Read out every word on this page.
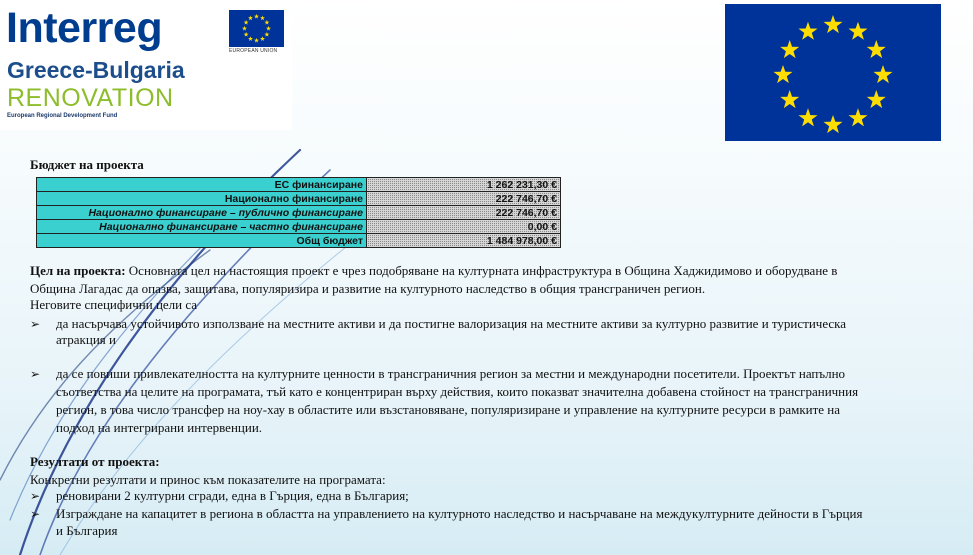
Interreg	EUROPEAN UNION
Greece-Bulgaria
RENOVATION
European Regional Development Fund
Бюджет на проекта
ЕС финансиране	1 262 231,30 €
Национално финансиране	222 746,70 €
Национално финансиране – публично финансиране	222 746,70 €
Национално финансиране – частно финансиране	0,00 €
Общ бюджет	1 484 978,00 €
Цел на проекта: Основната цел на настоящия проект е чрез подобряване на културната инфраструктура в Община Хаджидимово и оборудване в
Община Лагадас да опазва, защитава, популяризира и развитие на културното наследство в общия трансграничен регион.
Неговите специфични цели са
➢ да насърчава устойчивото използване на местните активи и да постигне валоризация на местните активи за културно развитие и туристическа
атракция и
➢ да се повиши привлекателността на културните ценности в трансграничния регион за местни и международни посетители. Проектът напълно
съответства на целите на програмата, тъй като е концентриран върху действия, които показват значителна добавена стойност на трансграничния
регион, в това число трансфер на ноу-хау в областите или възстановяване, популяризиране и управление на културните ресурси в рамките на
подход на интегрирани интервенции.
Резултати от проекта:
Конкретни резултати и принос към показателите на програмата:
➢ реновирани 2 културни сгради, една в Гърция, една в България;
➢ Изграждане на капацитет в региона в областта на управлението на културното наследство и насърчаване на междукултурните дейности в Гърция
и България
